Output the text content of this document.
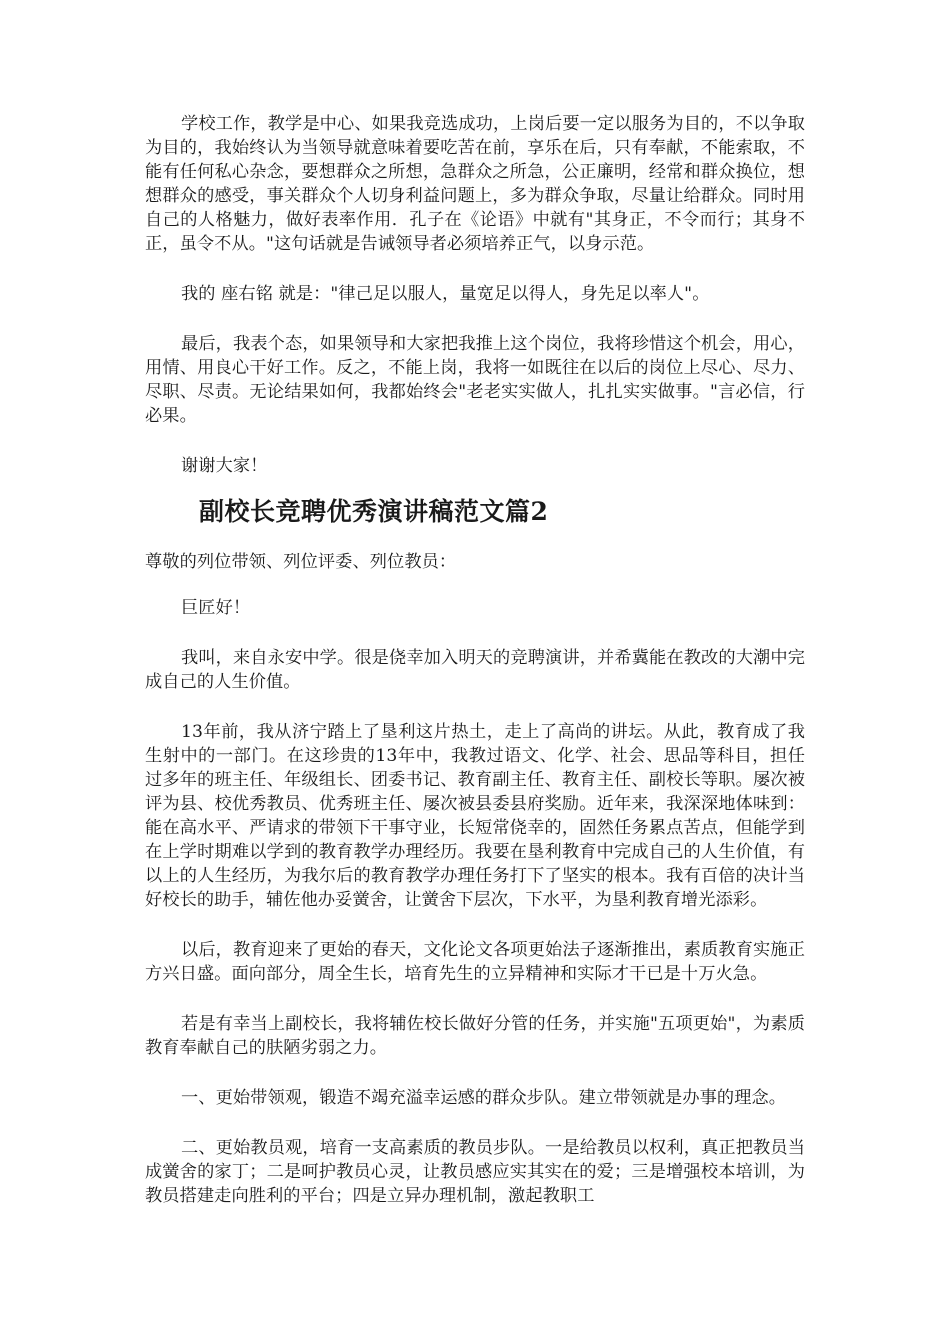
学校工作，教学是中心、如果我竞选成功，上岗后要一定以服务为目的，不以争取为目的，我始终认为当领导就意味着要吃苦在前，享乐在后，只有奉献，不能索取，不能有任何私心杂念，要想群众之所想，急群众之所急，公正廉明，经常和群众换位，想想群众的感受，事关群众个人切身利益问题上，多为群众争取，尽量让给群众。同时用自己的人格魅力，做好表率作用．孔子在《论语》中就有"其身正，不令而行；其身不正，虽令不从。"这句话就是告诫领导者必须培养正气，以身示范。

我的 座右铭 就是："律己足以服人，量宽足以得人，身先足以率人"。

最后，我表个态，如果领导和大家把我推上这个岗位，我将珍惜这个机会，用心，用情、用良心干好工作。反之，不能上岗，我将一如既往在以后的岗位上尽心、尽力、尽职、尽责。无论结果如何，我都始终会"老老实实做人，扎扎实实做事。"言必信，行必果。

谢谢大家！

副校长竞聘优秀演讲稿范文篇2

尊敬的列位带领、列位评委、列位教员：

巨匠好！

我叫，来自永安中学。很是侥幸加入明天的竞聘演讲，并希冀能在教改的大潮中完成自己的人生价值。

13年前，我从济宁踏上了垦利这片热土，走上了高尚的讲坛。从此，教育成了我生射中的一部门。在这珍贵的13年中，我教过语文、化学、社会、思品等科目，担任过多年的班主任、年级组长、团委书记、教育副主任、教育主任、副校长等职。屡次被评为县、校优秀教员、优秀班主任、屡次被县委县府奖励。近年来，我深深地体味到：能在高水平、严请求的带领下干事守业，长短常侥幸的，固然任务累点苦点，但能学到在上学时期难以学到的教育教学办理经历。我要在垦利教育中完成自己的人生价值，有以上的人生经历，为我尔后的教育教学办理任务打下了坚实的根本。我有百倍的决计当好校长的助手，辅佐他办妥黉舍，让黉舍下层次，下水平，为垦利教育增光添彩。

以后，教育迎来了更始的春天，文化论文各项更始法子逐渐推出，素质教育实施正方兴日盛。面向部分，周全生长，培育先生的立异精神和实际才干已是十万火急。

若是有幸当上副校长，我将辅佐校长做好分管的任务，并实施"五项更始"，为素质教育奉献自己的肤陋劣弱之力。

一、更始带领观，锻造不竭充溢幸运感的群众步队。建立带领就是办事的理念。

二、更始教员观，培育一支高素质的教员步队。一是给教员以权利，真正把教员当成黉舍的家丁；二是呵护教员心灵，让教员感应实其实在的爱；三是增强校本培训，为教员搭建走向胜利的平台；四是立异办理机制，激起教职工
